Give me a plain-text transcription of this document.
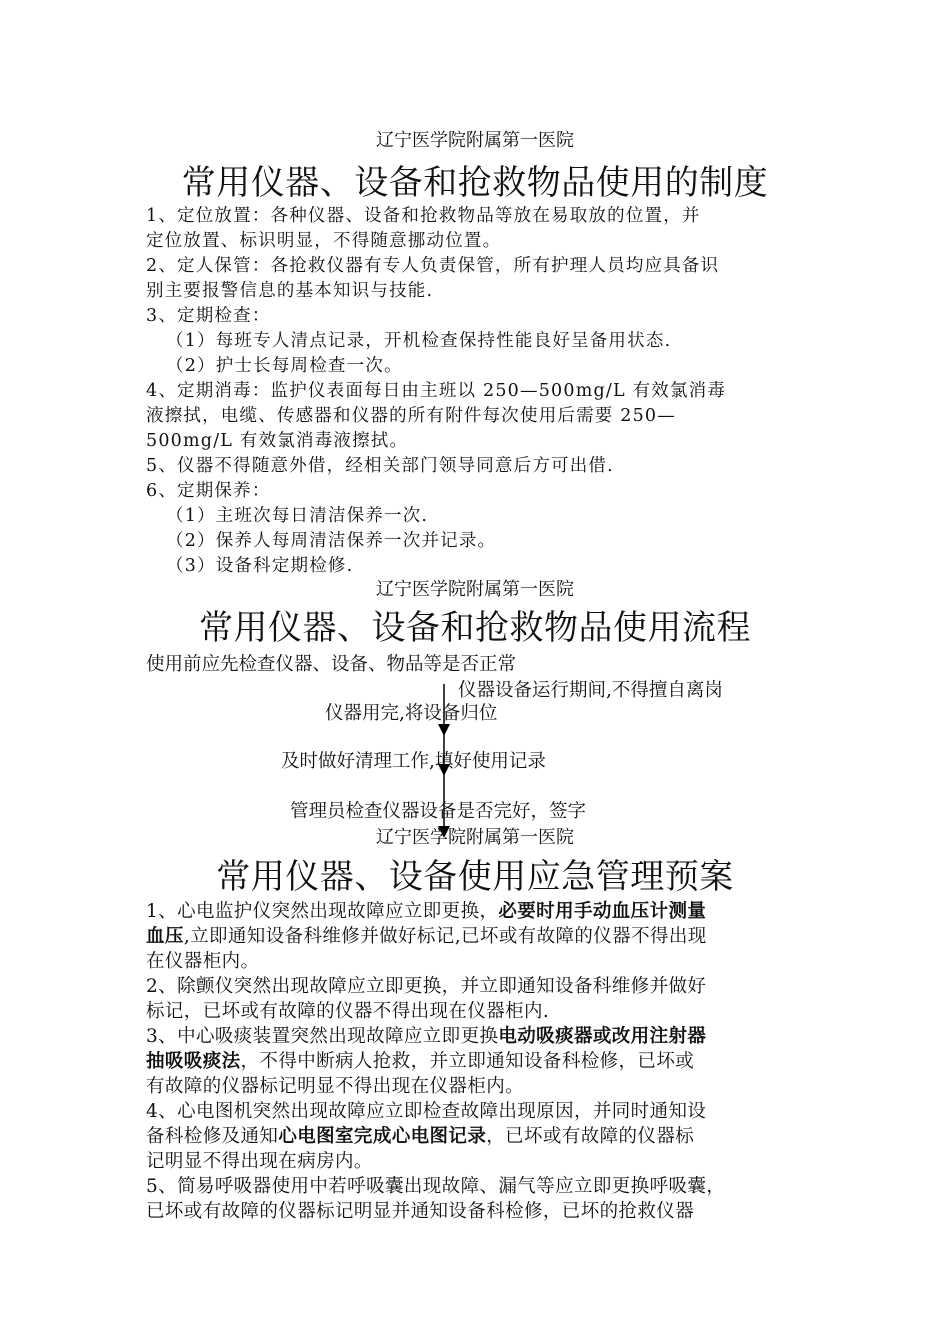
辽宁医学院附属第一医院
常用仪器、设备和抢救物品使用的制度
1、定位放置：各种仪器、设备和抢救物品等放在易取放的位置，并
定位放置、标识明显，不得随意挪动位置。
2、定人保管：各抢救仪器有专人负责保管，所有护理人员均应具备识
别主要报警信息的基本知识与技能.
3、定期检查：
（1）每班专人清点记录，开机检查保持性能良好呈备用状态.
（2）护士长每周检查一次。
4、定期消毒：监护仪表面每日由主班以 250—500mg/L 有效氯消毒
液擦拭，电缆、传感器和仪器的所有附件每次使用后需要 250—
500mg/L 有效氯消毒液擦拭。
5、仪器不得随意外借，经相关部门领导同意后方可出借.
6、定期保养：
（1）主班次每日清洁保养一次.
（2）保养人每周清洁保养一次并记录。
（3）设备科定期检修.
辽宁医学院附属第一医院
常用仪器、设备和抢救物品使用流程
使用前应先检查仪器、设备、物品等是否正常
仪器设备运行期间,不得擅自离岗
仪器用完,将设备归位
及时做好清理工作,填好使用记录
管理员检查仪器设备是否完好，签字
辽宁医学院附属第一医院
常用仪器、设备使用应急管理预案
1、心电监护仪突然出现故障应立即更换，必要时用手动血压计测量
血压,立即通知设备科维修并做好标记,已坏或有故障的仪器不得出现
在仪器柜内。
2、除颤仪突然出现故障应立即更换，并立即通知设备科维修并做好
标记，已坏或有故障的仪器不得出现在仪器柜内.
3、中心吸痰装置突然出现故障应立即更换电动吸痰器或改用注射器
抽吸吸痰法，不得中断病人抢救，并立即通知设备科检修，已坏或
有故障的仪器标记明显不得出现在仪器柜内。
4、心电图机突然出现故障应立即检查故障出现原因，并同时通知设
备科检修及通知心电图室完成心电图记录，已坏或有故障的仪器标
记明显不得出现在病房内。
5、简易呼吸器使用中若呼吸囊出现故障、漏气等应立即更换呼吸囊，
已坏或有故障的仪器标记明显并通知设备科检修，已坏的抢救仪器
